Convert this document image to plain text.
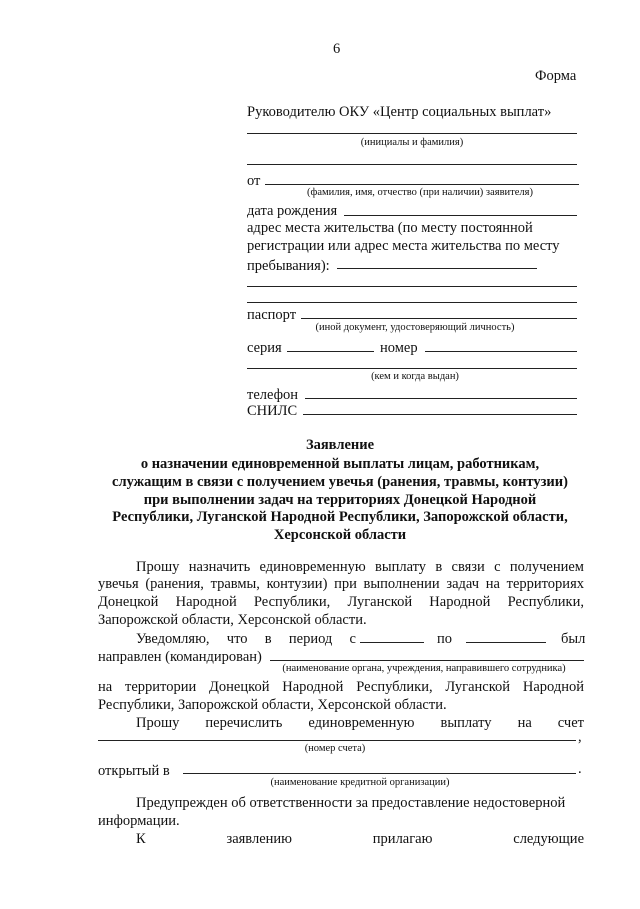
6
Форма
Руководителю ОКУ «Центр социальных выплат»
(инициалы и фамилия)
от
(фамилия, имя, отчество (при наличии) заявителя)
дата рождения
адрес места жительства (по месту постоянной
регистрации или адрес места жительства по месту
пребывания):
паспорт
(иной документ, удостоверяющий личность)
серия	номер
(кем и когда выдан)
телефон
СНИЛС
Заявление
о назначении единовременной выплаты лицам, работникам,
служащим в связи с получением увечья (ранения, травмы, контузии)
при выполнении задач на территориях Донецкой Народной
Республики, Луганской Народной Республики, Запорожской области,
Херсонской области
Прошу назначить единовременную выплату в связи с получением
увечья (ранения, травмы, контузии) при выполнении задач на территориях
Донецкой Народной Республики, Луганской Народной Республики,
Запорожской области, Херсонской области.
Уведомляю, что в период с	по	был
направлен (командирован)
(наименование органа, учреждения, направившего сотрудника)
на территории Донецкой Народной Республики, Луганской Народной
Республики, Запорожской области, Херсонской области.
Прошу перечислить единовременную выплату на счет
,
(номер счета)
открытый в	.
(наименование кредитной организации)
Предупрежден об ответственности за предоставление недостоверной
информации.
К заявлению прилагаю следующие
